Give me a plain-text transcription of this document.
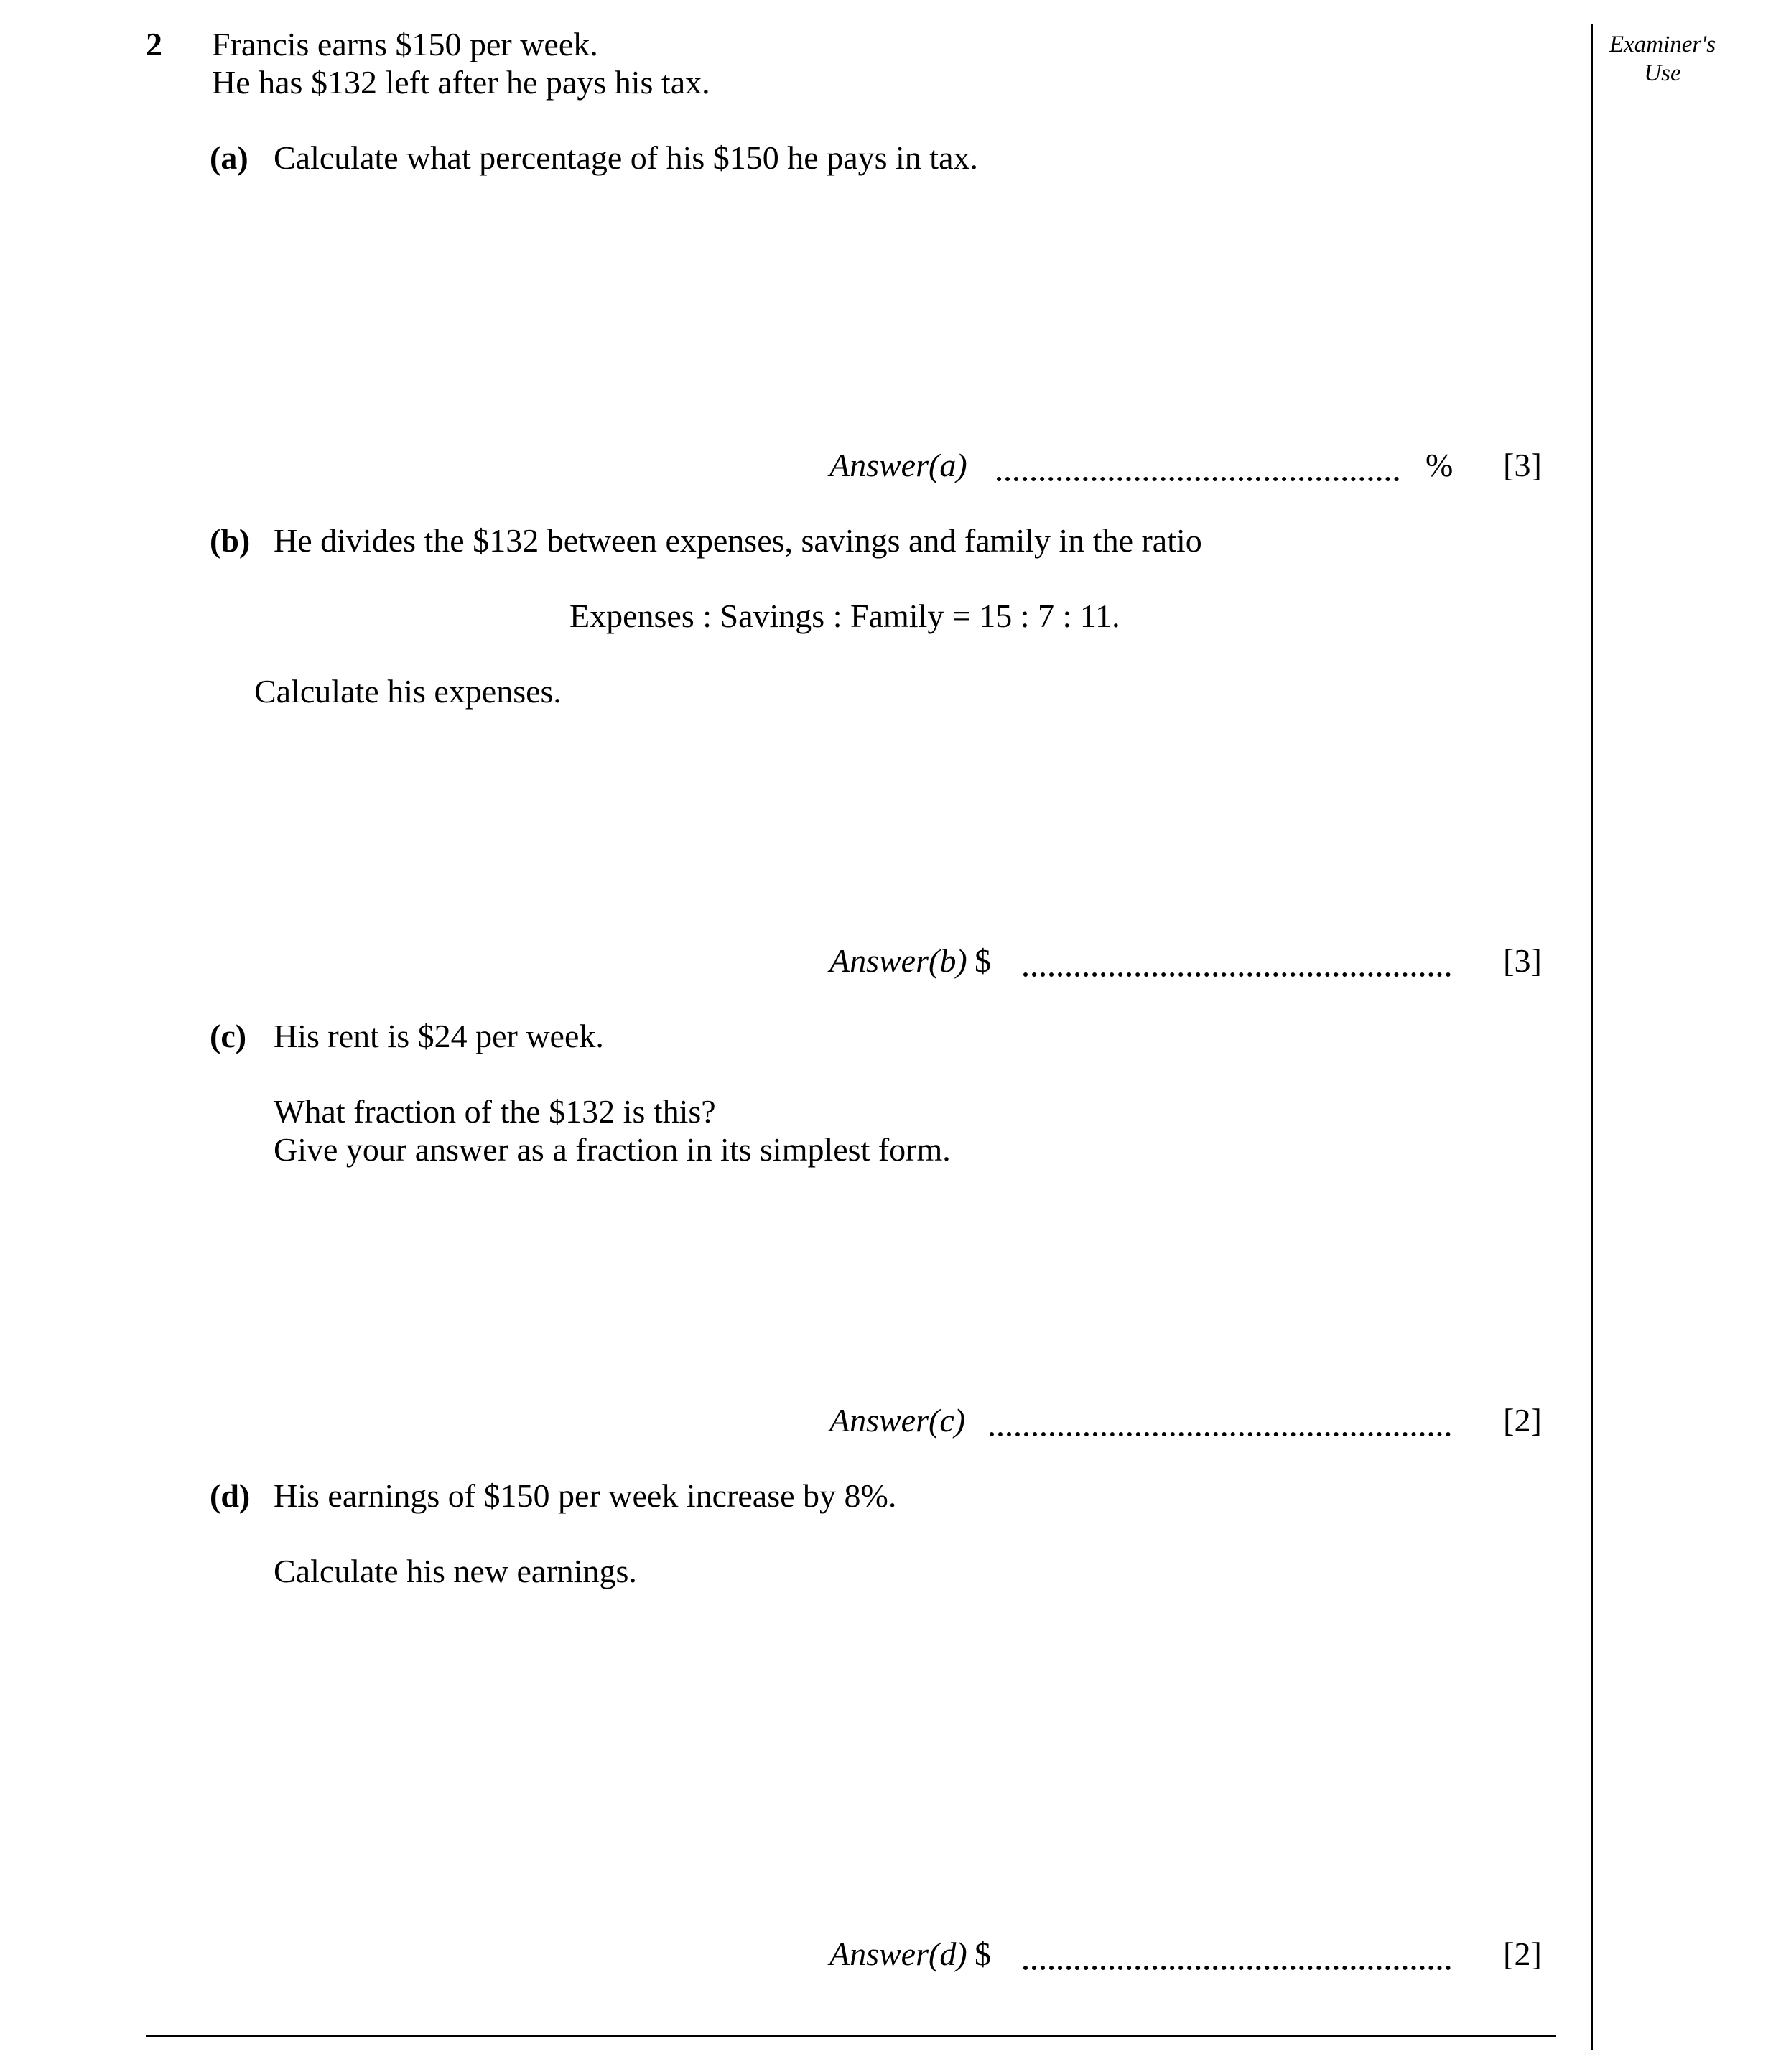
Examiner's
Use
2 Francis earns $150 per week.
He has $132 left after he pays his tax.
(a) Calculate what percentage of his $150 he pays in tax.
Answer(a)	%	[3]
(b) He divides the $132 between expenses, savings and family in the ratio
Expenses : Savings : Family = 15 : 7 : 11.
Calculate his expenses.
Answer(b) $	[3]
(c) His rent is $24 per week.
What fraction of the $132 is this?
Give your answer as a fraction in its simplest form.
Answer(c)	[2]
(d) His earnings of $150 per week increase by 8%.
Calculate his new earnings.
Answer(d) $	[2]
